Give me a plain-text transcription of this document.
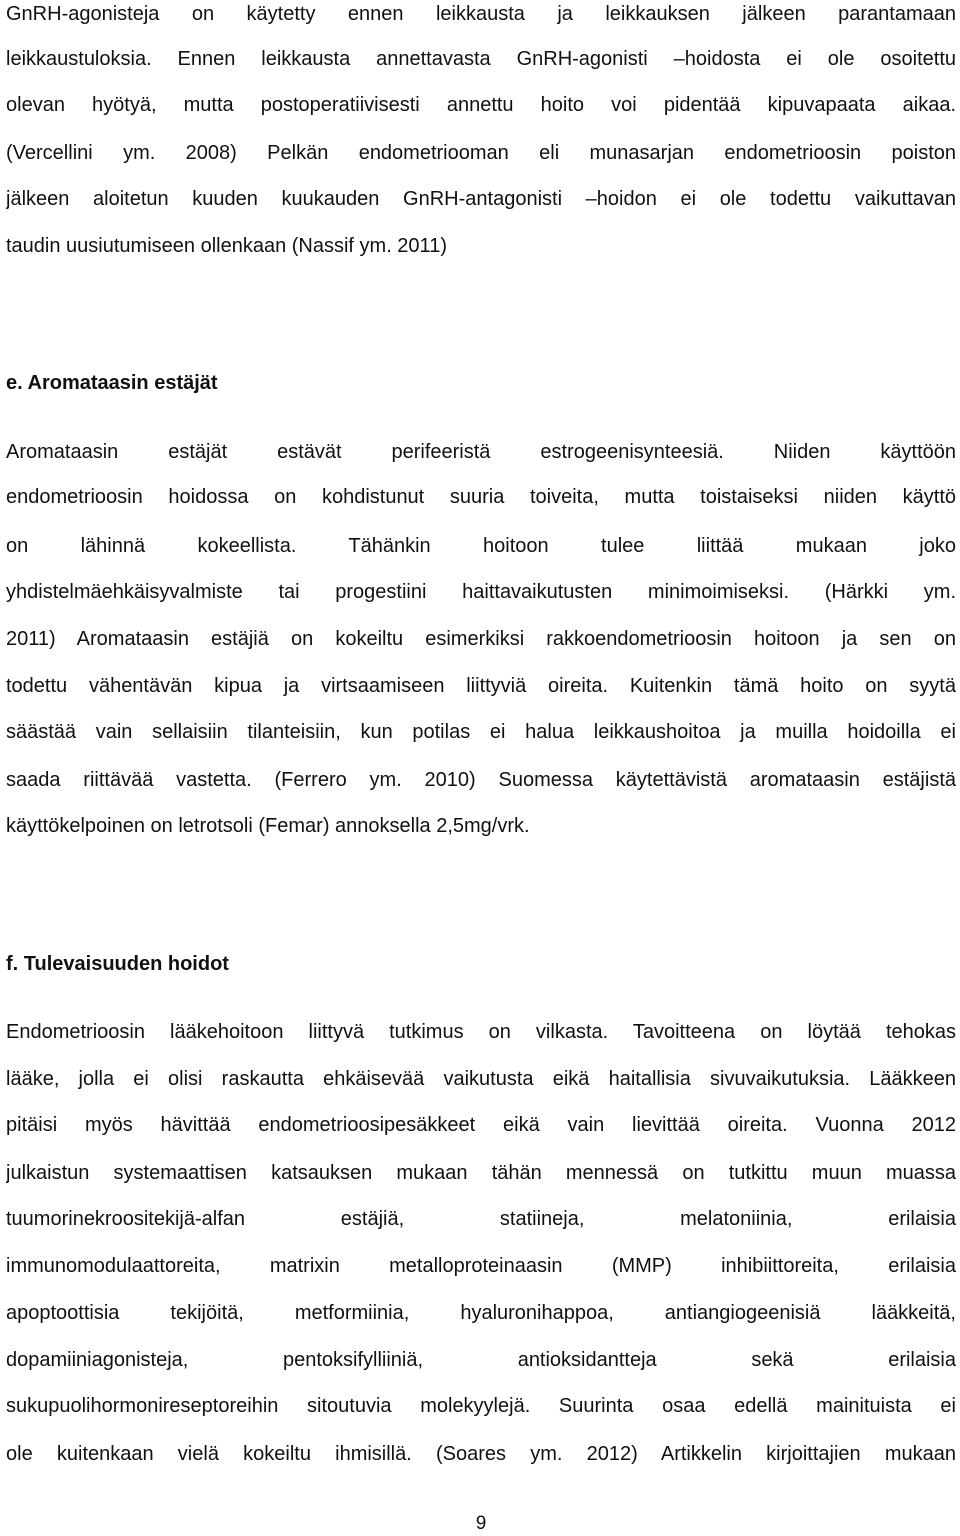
GnRH-agonisteja on käytetty ennen leikkausta ja leikkauksen jälkeen parantamaan
leikkaustuloksia. Ennen leikkausta annettavasta GnRH-agonisti –hoidosta ei ole osoitettu
olevan hyötyä, mutta postoperatiivisesti annettu hoito voi pidentää kipuvapaata aikaa.
(Vercellini ym. 2008) Pelkän endometriooman eli munasarjan endometrioosin poiston
jälkeen aloitetun kuuden kuukauden GnRH-antagonisti –hoidon ei ole todettu vaikuttavan
taudin uusiutumiseen ollenkaan (Nassif ym. 2011)
e. Aromataasin estäjät
Aromataasin estäjät estävät perifeeristä estrogeenisynteesiä. Niiden käyttöön
endometrioosin hoidossa on kohdistunut suuria toiveita, mutta toistaiseksi niiden käyttö
on lähinnä kokeellista. Tähänkin hoitoon tulee liittää mukaan joko
yhdistelmäehkäisyvalmiste tai progestiini haittavaikutusten minimoimiseksi. (Härkki ym.
2011) Aromataasin estäjiä on kokeiltu esimerkiksi rakkoendometrioosin hoitoon ja sen on
todettu vähentävän kipua ja virtsaamiseen liittyviä oireita. Kuitenkin tämä hoito on syytä
säästää vain sellaisiin tilanteisiin, kun potilas ei halua leikkaushoitoa ja muilla hoidoilla ei
saada riittävää vastetta. (Ferrero ym. 2010) Suomessa käytettävistä aromataasin estäjistä
käyttökelpoinen on letrotsoli (Femar) annoksella 2,5mg/vrk.
f. Tulevaisuuden hoidot
Endometrioosin lääkehoitoon liittyvä tutkimus on vilkasta. Tavoitteena on löytää tehokas
lääke, jolla ei olisi raskautta ehkäisevää vaikutusta eikä haitallisia sivuvaikutuksia. Lääkkeen
pitäisi myös hävittää endometrioosipesäkkeet eikä vain lievittää oireita. Vuonna 2012
julkaistun systemaattisen katsauksen mukaan tähän mennessä on tutkittu muun muassa
tuumorinekroositekijä-alfan estäjiä, statiineja, melatoniinia, erilaisia
immunomodulaattoreita, matrixin metalloproteinaasin (MMP) inhibiittoreita, erilaisia
apoptoottisia tekijöitä, metformiinia, hyaluronihappoa, antiangiogeenisiä lääkkeitä,
dopamiiniagonisteja, pentoksifylliiniä, antioksidantteja sekä erilaisia
sukupuolihormonireseptoreihin sitoutuvia molekyylejä. Suurinta osaa edellä mainituista ei
ole kuitenkaan vielä kokeiltu ihmisillä. (Soares ym. 2012) Artikkelin kirjoittajien mukaan
9
